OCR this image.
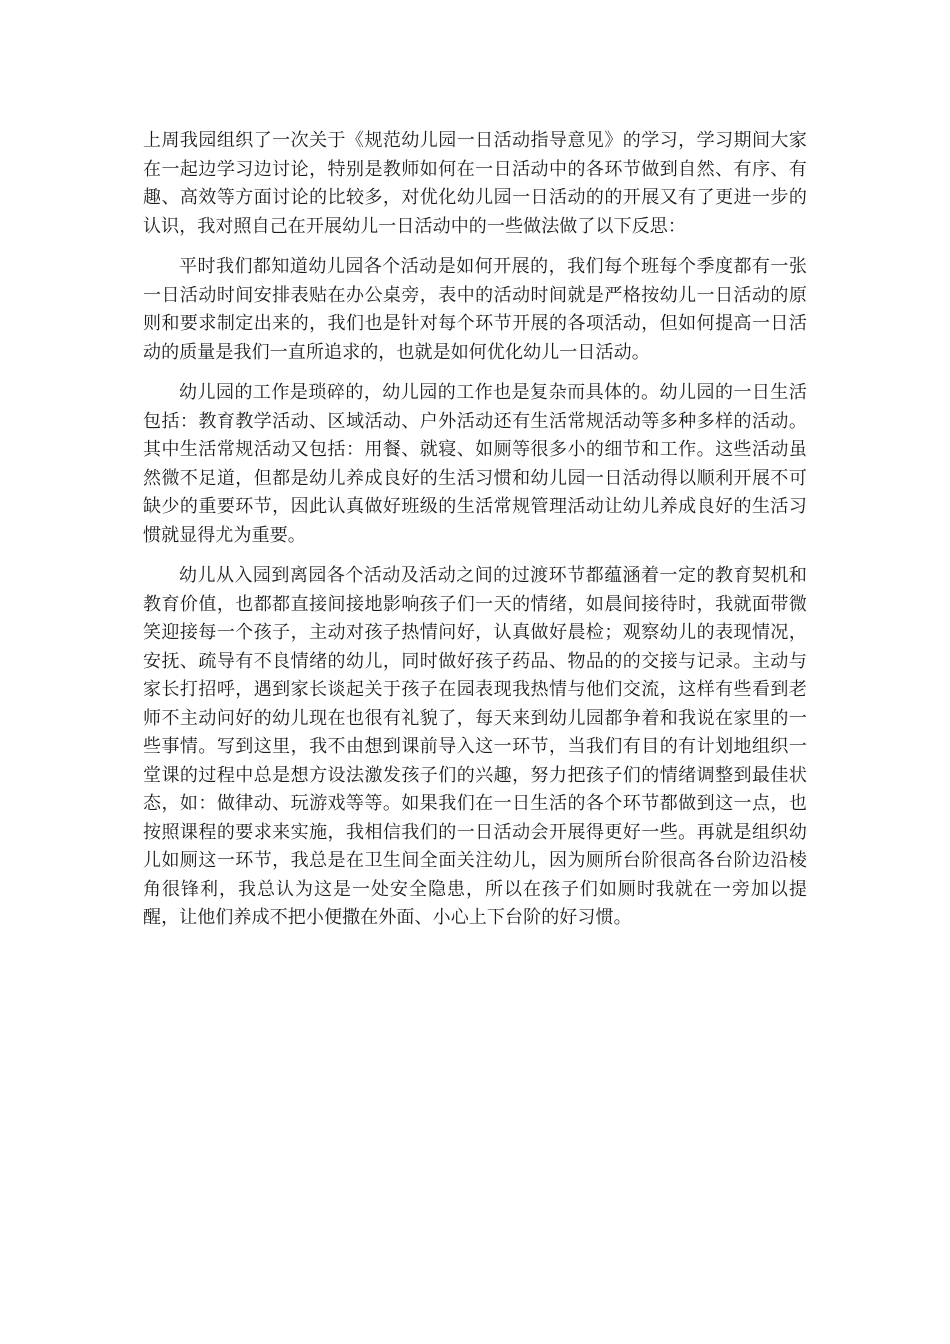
上周我园组织了一次关于《规范幼儿园一日活动指导意见》的学习，学习期间大家在一起边学习边讨论，特别是教师如何在一日活动中的各环节做到自然、有序、有趣、高效等方面讨论的比较多，对优化幼儿园一日活动的的开展又有了更进一步的认识，我对照自己在开展幼儿一日活动中的一些做法做了以下反思：

平时我们都知道幼儿园各个活动是如何开展的，我们每个班每个季度都有一张一日活动时间安排表贴在办公桌旁，表中的活动时间就是严格按幼儿一日活动的原则和要求制定出来的，我们也是针对每个环节开展的各项活动，但如何提高一日活动的质量是我们一直所追求的，也就是如何优化幼儿一日活动。

幼儿园的工作是琐碎的，幼儿园的工作也是复杂而具体的。幼儿园的一日生活包括：教育教学活动、区域活动、户外活动还有生活常规活动等多种多样的活动。其中生活常规活动又包括：用餐、就寝、如厕等很多小的细节和工作。这些活动虽然微不足道，但都是幼儿养成良好的生活习惯和幼儿园一日活动得以顺利开展不可缺少的重要环节，因此认真做好班级的生活常规管理活动让幼儿养成良好的生活习惯就显得尤为重要。

幼儿从入园到离园各个活动及活动之间的过渡环节都蕴涵着一定的教育契机和教育价值，也都都直接间接地影响孩子们一天的情绪，如晨间接待时，我就面带微笑迎接每一个孩子，主动对孩子热情问好，认真做好晨检；观察幼儿的表现情况，安抚、疏导有不良情绪的幼儿，同时做好孩子药品、物品的的交接与记录。主动与家长打招呼，遇到家长谈起关于孩子在园表现我热情与他们交流，这样有些看到老师不主动问好的幼儿现在也很有礼貌了，每天来到幼儿园都争着和我说在家里的一些事情。写到这里，我不由想到课前导入这一环节，当我们有目的有计划地组织一堂课的过程中总是想方设法激发孩子们的兴趣，努力把孩子们的情绪调整到最佳状态，如：做律动、玩游戏等等。如果我们在一日生活的各个环节都做到这一点，也按照课程的要求来实施，我相信我们的一日活动会开展得更好一些。再就是组织幼儿如厕这一环节，我总是在卫生间全面关注幼儿，因为厕所台阶很高各台阶边沿棱角很锋利，我总认为这是一处安全隐患，所以在孩子们如厕时我就在一旁加以提醒，让他们养成不把小便撒在外面、小心上下台阶的好习惯。
